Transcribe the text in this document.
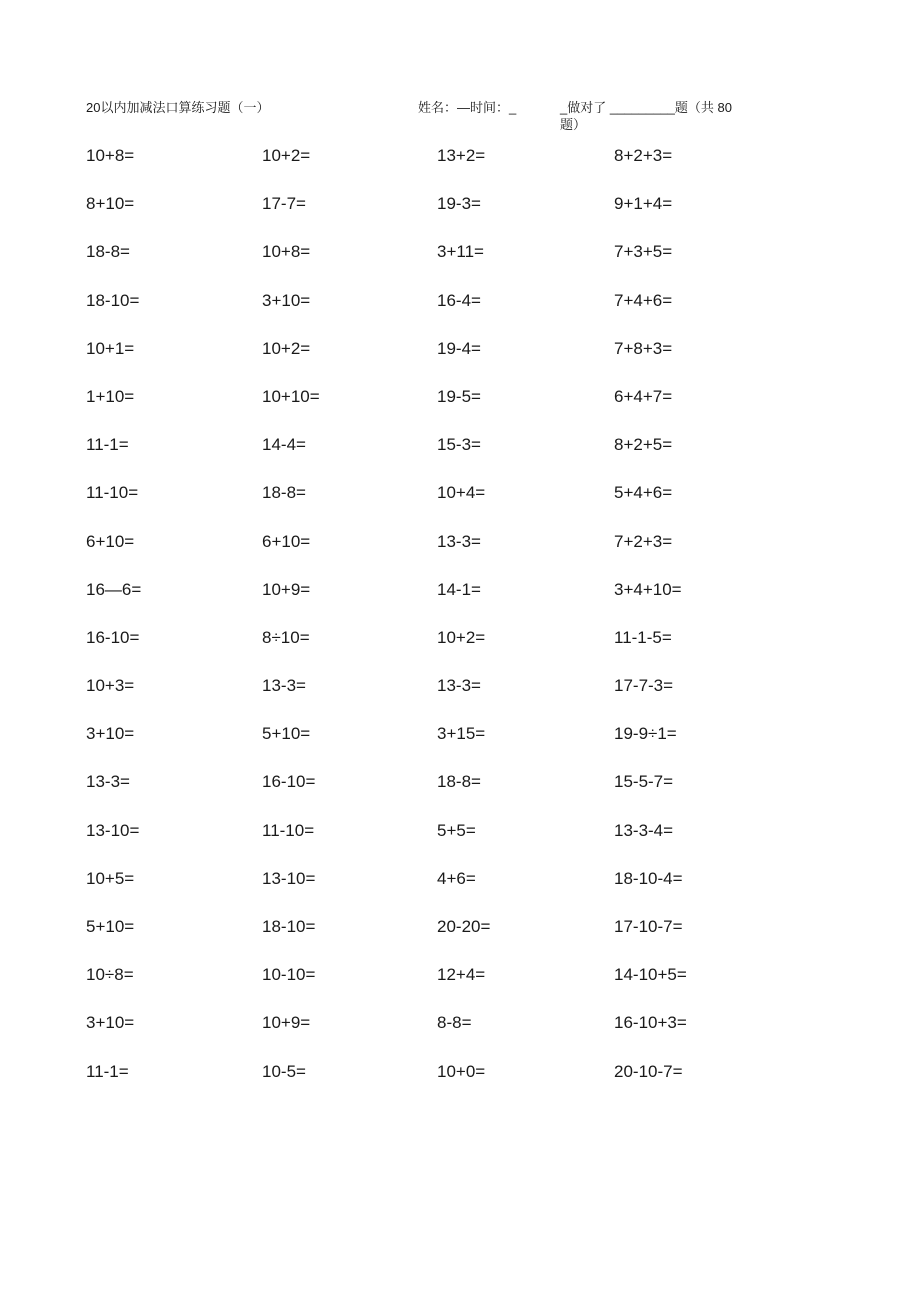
20以内加减法口算练习题（一）	姓名：—时间：_	_做对了 _________题（共 80 题）
10+8=	10+2=	13+2=	8+2+3=
8+10=	17-7=	19-3=	9+1+4=
18-8=	10+8=	3+11=	7+3+5=
18-10=	3+10=	16-4=	7+4+6=
10+1=	10+2=	19-4=	7+8+3=
1+10=	10+10=	19-5=	6+4+7=
11-1=	14-4=	15-3=	8+2+5=
11-10=	18-8=	10+4=	5+4+6=
6+10=	6+10=	13-3=	7+2+3=
16—6=	10+9=	14-1=	3+4+10=
16-10=	8÷10=	10+2=	11-1-5=
10+3=	13-3=	13-3=	17-7-3=
3+10=	5+10=	3+15=	19-9÷1=
13-3=	16-10=	18-8=	15-5-7=
13-10=	11-10=	5+5=	13-3-4=
10+5=	13-10=	4+6=	18-10-4=
5+10=	18-10=	20-20=	17-10-7=
10÷8=	10-10=	12+4=	14-10+5=
3+10=	10+9=	8-8=	16-10+3=
11-1=	10-5=	10+0=	20-10-7=
